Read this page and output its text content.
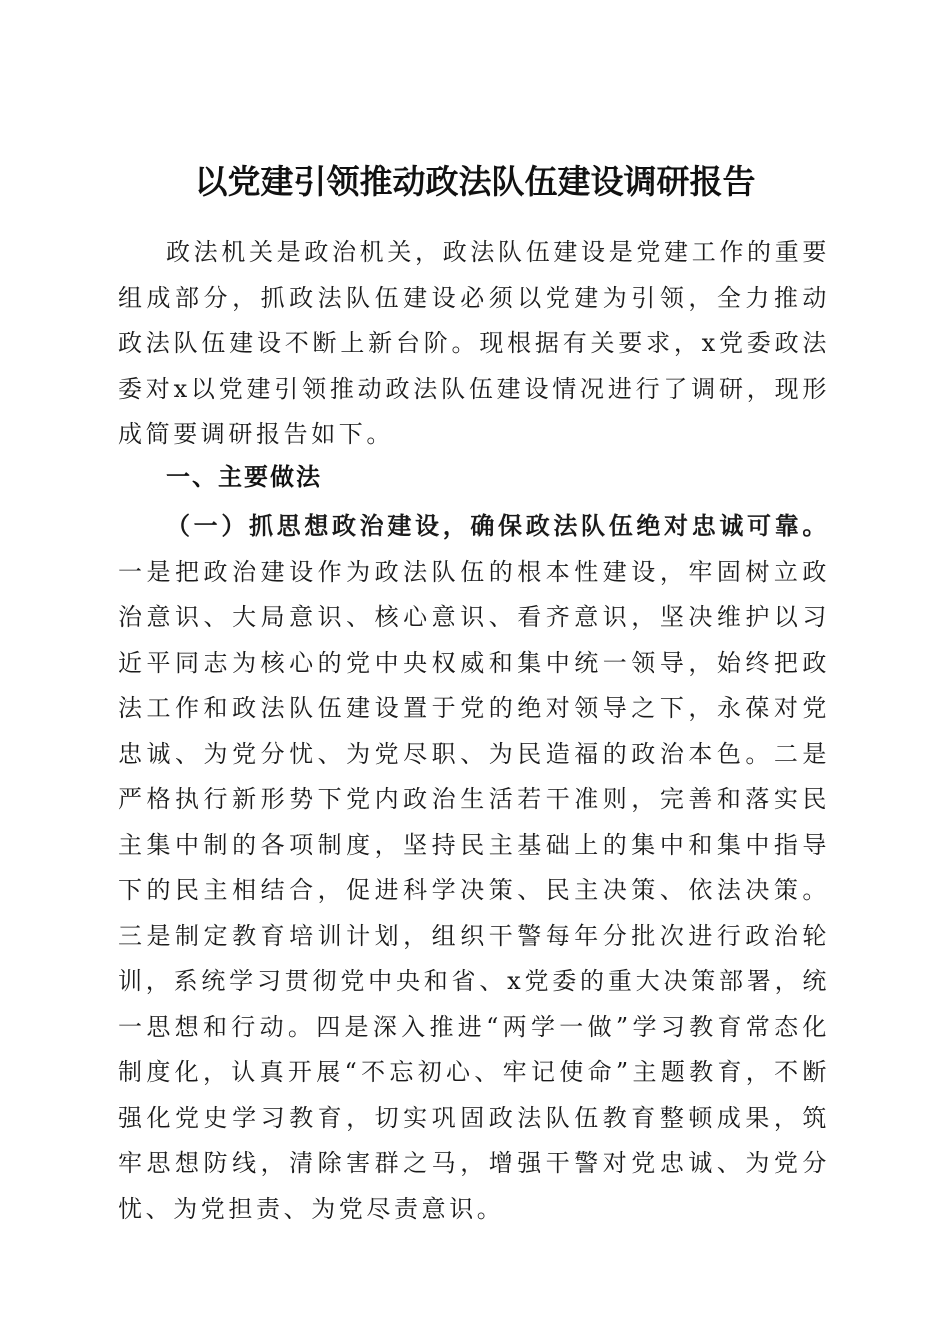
以党建引领推动政法队伍建设调研报告

政法机关是政治机关，政法队伍建设是党建工作的重要组成部分，抓政法队伍建设必须以党建为引领，全力推动政法队伍建设不断上新台阶。现根据有关要求，x党委政法委对x以党建引领推动政法队伍建设情况进行了调研，现形成简要调研报告如下。

一、主要做法

（一）抓思想政治建设，确保政法队伍绝对忠诚可靠。一是把政治建设作为政法队伍的根本性建设，牢固树立政治意识、大局意识、核心意识、看齐意识，坚决维护以习近平同志为核心的党中央权威和集中统一领导，始终把政法工作和政法队伍建设置于党的绝对领导之下，永葆对党忠诚、为党分忧、为党尽职、为民造福的政治本色。二是严格执行新形势下党内政治生活若干准则，完善和落实民主集中制的各项制度，坚持民主基础上的集中和集中指导下的民主相结合，促进科学决策、民主决策、依法决策。三是制定教育培训计划，组织干警每年分批次进行政治轮训，系统学习贯彻党中央和省、x党委的重大决策部署，统一思想和行动。四是深入推进“两学一做”学习教育常态化制度化，认真开展“不忘初心、牢记使命”主题教育，不断强化党史学习教育，切实巩固政法队伍教育整顿成果，筑牢思想防线，清除害群之马，增强干警对党忠诚、为党分忧、为党担责、为党尽责意识。
